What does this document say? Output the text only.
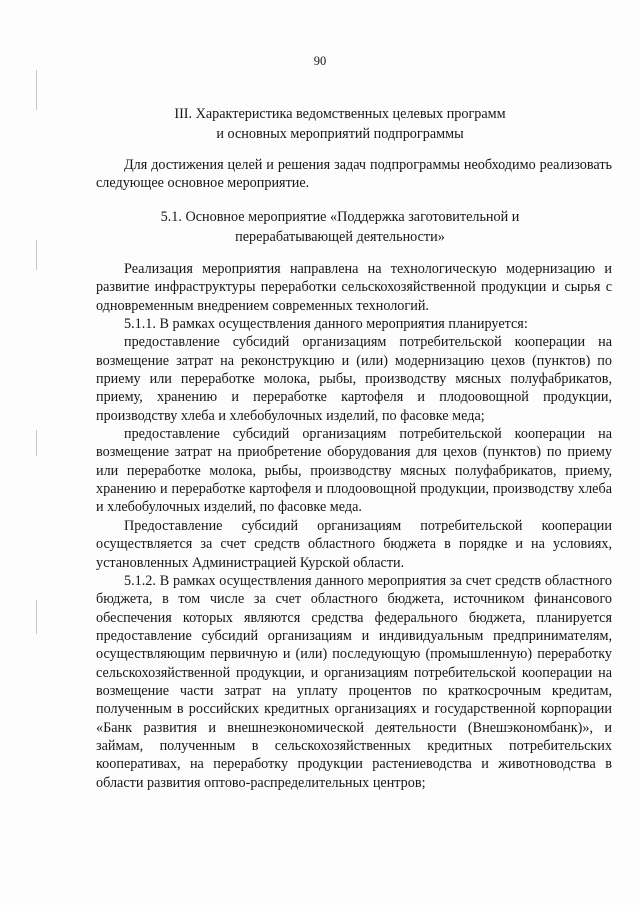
90
III. Характеристика ведомственных целевых программ
и основных мероприятий подпрограммы

Для достижения целей и решения задач подпрограммы необходимо реализовать следующее основное мероприятие.

5.1. Основное мероприятие «Поддержка заготовительной и
перерабатывающей деятельности»

Реализация мероприятия направлена на технологическую модернизацию и развитие инфраструктуры переработки сельскохозяйственной продукции и сырья с одновременным внедрением современных технологий.

5.1.1. В рамках осуществления данного мероприятия планируется:

предоставление субсидий организациям потребительской кооперации на возмещение затрат на реконструкцию и (или) модернизацию цехов (пунктов) по приему или переработке молока, рыбы, производству мясных полуфабрикатов, приему, хранению и переработке картофеля и плодоовощной продукции, производству хлеба и хлебобулочных изделий, по фасовке меда;

предоставление субсидий организациям потребительской кооперации на возмещение затрат на приобретение оборудования для цехов (пунктов) по приему или переработке молока, рыбы, производству мясных полуфабрикатов, приему, хранению и переработке картофеля и плодоовощной продукции, производству хлеба и хлебобулочных изделий, по фасовке меда.

Предоставление субсидий организациям потребительской кооперации осуществляется за счет средств областного бюджета в порядке и на условиях, установленных Администрацией Курской области.

5.1.2. В рамках осуществления данного мероприятия за счет средств областного бюджета, в том числе за счет областного бюджета, источником финансового обеспечения которых являются средства федерального бюджета, планируется предоставление субсидий организациям и индивидуальным предпринимателям, осуществляющим первичную и (или) последующую (промышленную) переработку сельскохозяйственной продукции, и организациям потребительской кооперации на возмещение части затрат на уплату процентов по краткосрочным кредитам, полученным в российских кредитных организациях и государственной корпорации «Банк развития и внешнеэкономической деятельности (Внешэкономбанк)», и займам, полученным в сельскохозяйственных кредитных потребительских кооперативах, на переработку продукции растениеводства и животноводства в области развития оптово-распределительных центров;
